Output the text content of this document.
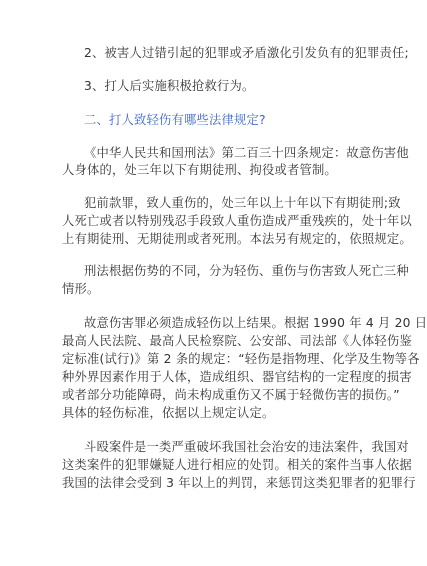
2、被害人过错引起的犯罪或矛盾激化引发负有的犯罪责任;
3、打人后实施积极抢救行为。
二、打人致轻伤有哪些法律规定?
《中华人民共和国刑法》第二百三十四条规定：故意伤害他
人身体的，处三年以下有期徒刑、拘役或者管制。
犯前款罪，致人重伤的，处三年以上十年以下有期徒刑;致
人死亡或者以特别残忍手段致人重伤造成严重残疾的，处十年以
上有期徒刑、无期徒刑或者死刑。本法另有规定的，依照规定。
刑法根据伤势的不同，分为轻伤、重伤与伤害致人死亡三种
情形。
故意伤害罪必须造成轻伤以上结果。根据 1990 年 4 月 20 日
最高人民法院、最高人民检察院、公安部、司法部《人体轻伤鉴
定标准(试行)》第 2 条的规定：“轻伤是指物理、化学及生物等各
种外界因素作用于人体，造成组织、器官结构的一定程度的损害
或者部分功能障碍，尚未构成重伤又不属于轻微伤害的损伤。”
具体的轻伤标准，依据以上规定认定。
斗殴案件是一类严重破坏我国社会治安的违法案件，我国对
这类案件的犯罪嫌疑人进行相应的处罚。相关的案件当事人依据
我国的法律会受到 3 年以上的判罚，来惩罚这类犯罪者的犯罪行
